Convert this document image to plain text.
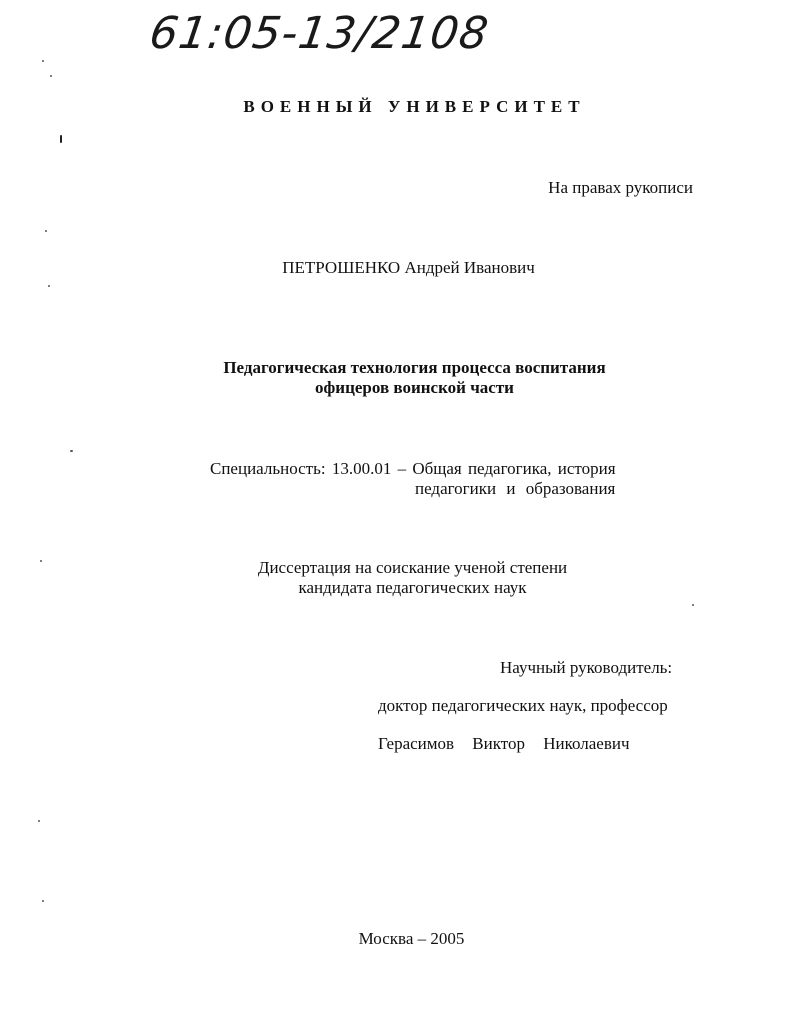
61:05-13/2108
ВОЕННЫЙ УНИВЕРСИТЕТ
На правах рукописи
ПЕТРОШЕНКО Андрей Иванович
Педагогическая технология процесса воспитания
офицеров воинской части
Специальность: 13.00.01 – Общая педагогика, история
педагогики и образования
Диссертация на соискание ученой степени
кандидата педагогических наук
Научный руководитель:
доктор педагогических наук, профессор
Герасимов Виктор Николаевич
Москва – 2005
